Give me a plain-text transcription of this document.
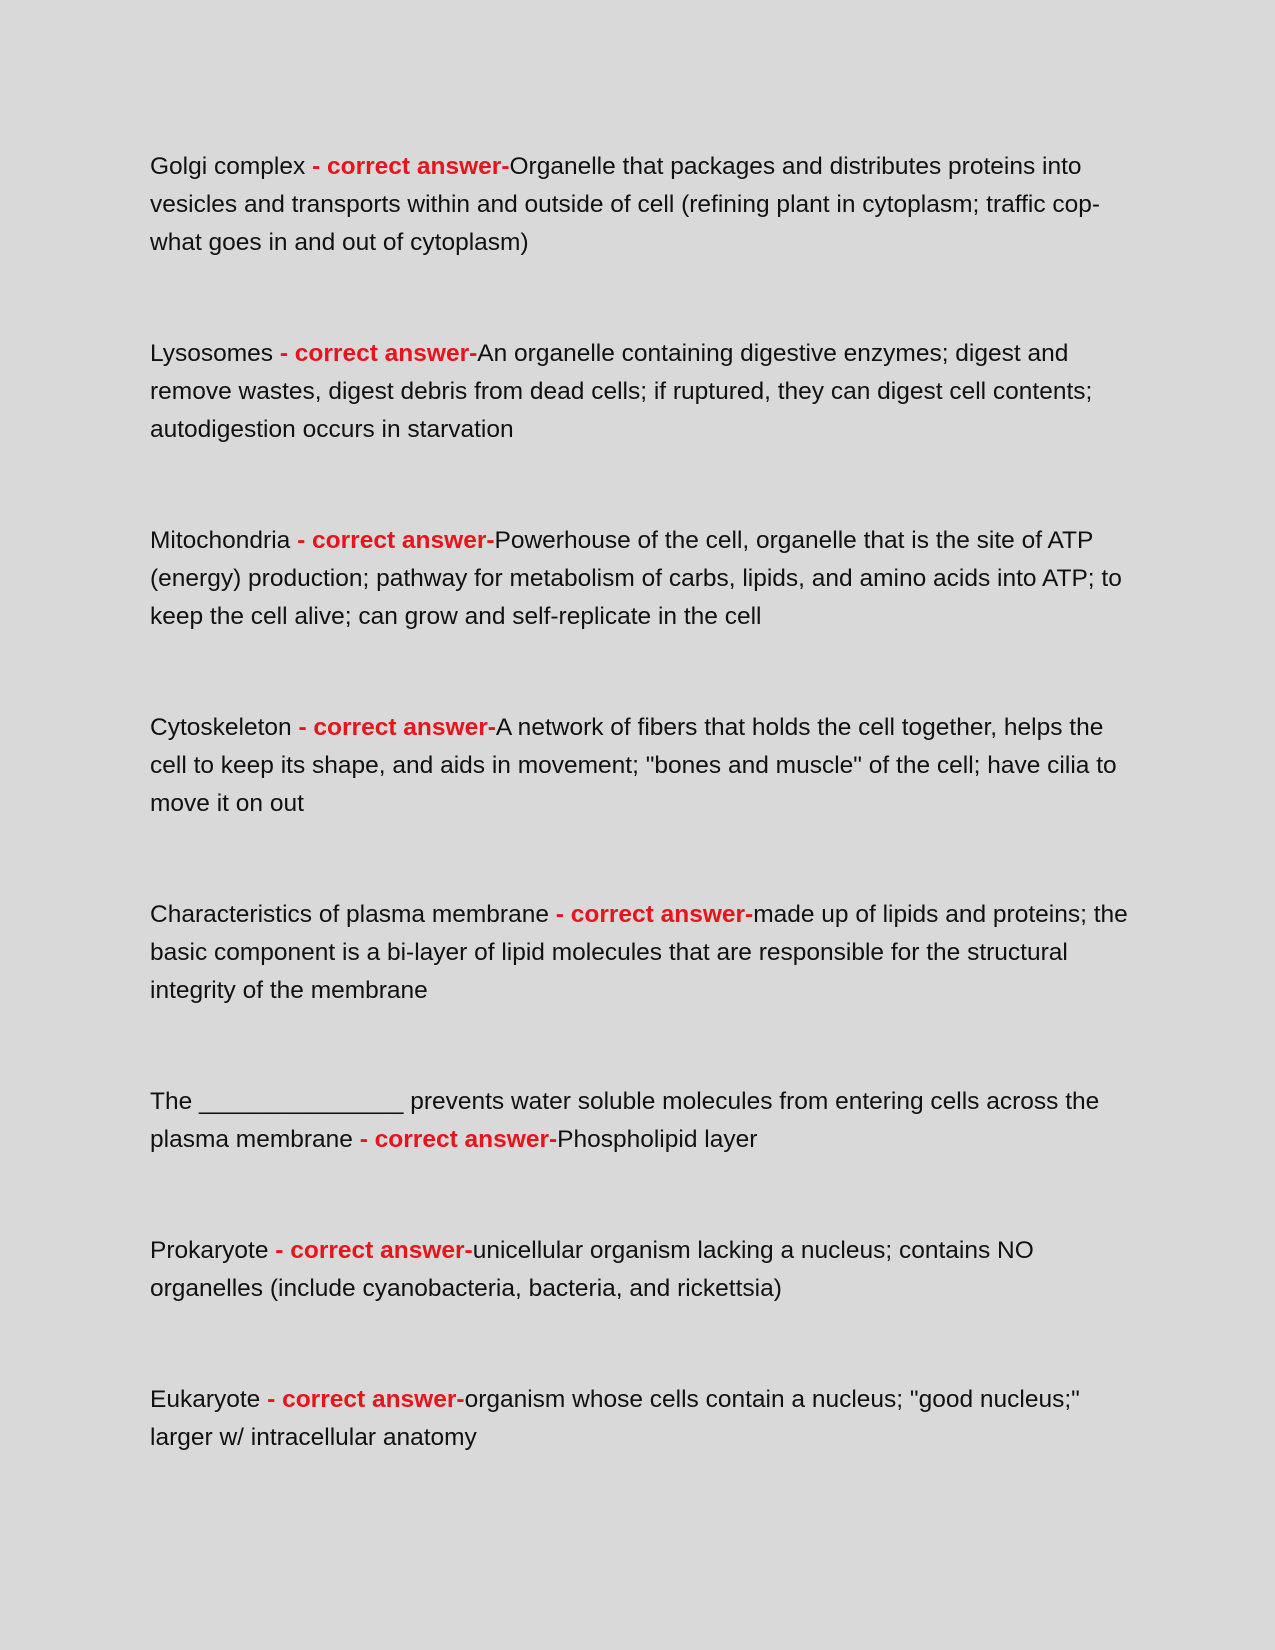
Golgi complex - correct answer-Organelle that packages and distributes proteins into vesicles and transports within and outside of cell (refining plant in cytoplasm; traffic cop- what goes in and out of cytoplasm)

Lysosomes - correct answer-An organelle containing digestive enzymes; digest and remove wastes, digest debris from dead cells; if ruptured, they can digest cell contents; autodigestion occurs in starvation

Mitochondria - correct answer-Powerhouse of the cell, organelle that is the site of ATP (energy) production; pathway for metabolism of carbs, lipids, and amino acids into ATP; to keep the cell alive; can grow and self-replicate in the cell

Cytoskeleton - correct answer-A network of fibers that holds the cell together, helps the cell to keep its shape, and aids in movement; "bones and muscle" of the cell; have cilia to move it on out

Characteristics of plasma membrane - correct answer-made up of lipids and proteins; the basic component is a bi-layer of lipid molecules that are responsible for the structural integrity of the membrane

The _______________ prevents water soluble molecules from entering cells across the plasma membrane - correct answer-Phospholipid layer

Prokaryote - correct answer-unicellular organism lacking a nucleus; contains NO organelles (include cyanobacteria, bacteria, and rickettsia)

Eukaryote - correct answer-organism whose cells contain a nucleus; "good nucleus;" larger w/ intracellular anatomy
